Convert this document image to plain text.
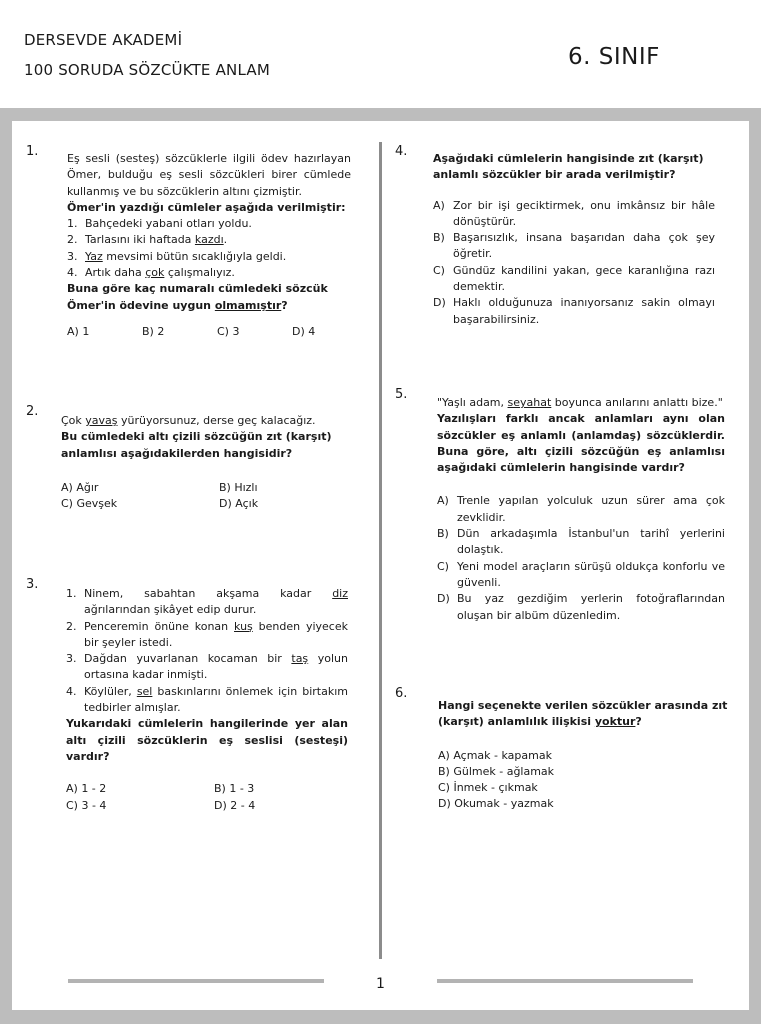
DERSEVDE AKADEMİ
100 SORUDA SÖZCÜKTE ANLAM	6. SINIF
1.	Eş sesli (sesteş) sözcüklerle ilgili ödev hazırlayan Ömer, bulduğu eş sesli sözcükleri birer cümlede kullanmış ve bu sözcüklerin altını çizmiştir.

Ömer'in yazdığı cümleler aşağıda verilmiştir:

1. Bahçedeki yabani otları yoldu.
2. Tarlasını iki haftada kazdı.
3. Yaz mevsimi bütün sıcaklığıyla geldi.
4. Artık daha çok çalışmalıyız.

Buna göre kaç numaralı cümledeki sözcük Ömer'in ödevine uygun olmamıştır?

A) 1	B) 2	C) 3	D) 4
2.

Çok yavaş yürüyorsunuz, derse geç kalacağız.

Bu cümledeki altı çizili sözcüğün zıt (karşıt) anlamlısı aşağıdakilerden hangisidir?

A) Ağır	B) Hızlı
C) Gevşek	D) Açık
3.
1. Ninem, sabahtan akşama kadar diz ağrılarından şikâyet edip durur.
2. Penceremin önüne konan kuş benden yiyecek bir şeyler istedi.
3. Dağdan yuvarlanan kocaman bir taş yolun ortasına kadar inmişti.
4. Köylüler, sel baskınlarını önlemek için birtakım tedbirler almışlar.

Yukarıdaki cümlelerin hangilerinde yer alan altı çizili sözcüklerin eş seslisi (sesteşi) vardır?

A) 1 - 2	B) 1 - 3
C) 3 - 4	D) 2 - 4
4. Aşağıdaki cümlelerin hangisinde zıt (karşıt) anlamlı sözcükler bir arada verilmiştir?

A) Zor bir işi geciktirmek, onu imkânsız bir hâle dönüştürür.
B) Başarısızlık, insana başarıdan daha çok şey öğretir.
C) Gündüz kandilini yakan, gece karanlığına razı demektir.
D) Haklı olduğunuza inanıyorsanız sakin olmayı başarabilirsiniz.
5.

"Yaşlı adam, seyahat boyunca anılarını anlattı bize."

Yazılışları farklı ancak anlamları aynı olan sözcükler eş anlamlı (anlamdaş) sözcüklerdir. Buna göre, altı çizili sözcüğün eş anlamlısı aşağıdaki cümlelerin hangisinde vardır?

A) Trenle yapılan yolculuk uzun sürer ama çok zevklidir.
B) Dün arkadaşımla İstanbul'un tarihî yerlerini dolaştık.
C) Yeni model araçların sürüşü oldukça konforlu ve güvenli.
D) Bu yaz gezdiğim yerlerin fotoğraflarından oluşan bir albüm düzenledim.
6.

Hangi seçenekte verilen sözcükler arasında zıt (karşıt) anlamlılık ilişkisi yoktur?

A) Açmak - kapamak
B) Gülmek - ağlamak
C) İnmek - çıkmak
D) Okumak - yazmak
1
